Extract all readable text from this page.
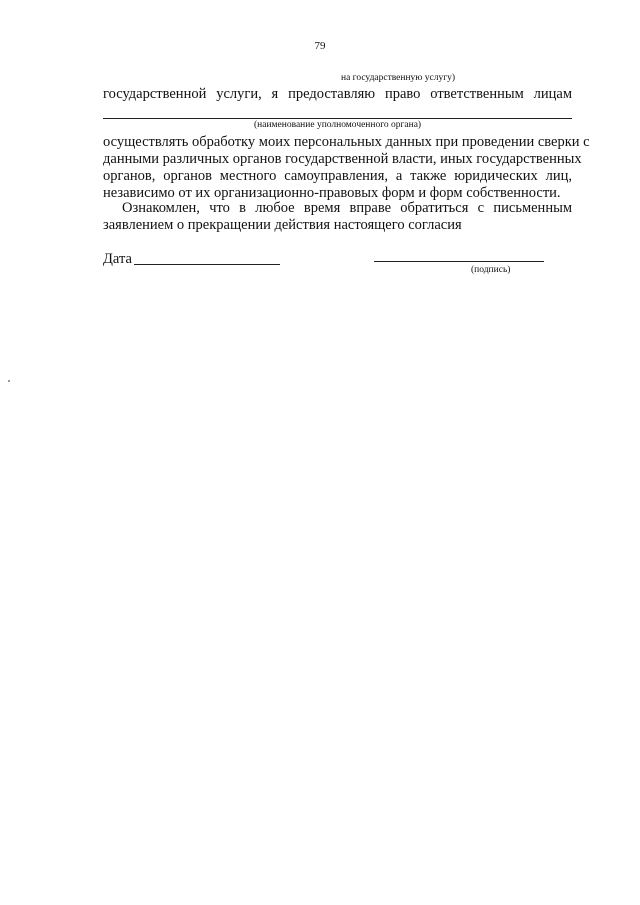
79
на государственную услугу)
государственной услуги, я предоставляю право ответственным лицам
(наименование уполномоченного органа)
осуществлять обработку моих персональных данных при проведении сверки с
данными различных органов государственной власти, иных государственных
органов, органов местного самоуправления, а также юридических лиц,
независимо от их организационно-правовых форм и форм собственности.
Ознакомлен, что в любое время вправе обратиться с письменным
заявлением о прекращении действия настоящего согласия
Дата
(подпись)
